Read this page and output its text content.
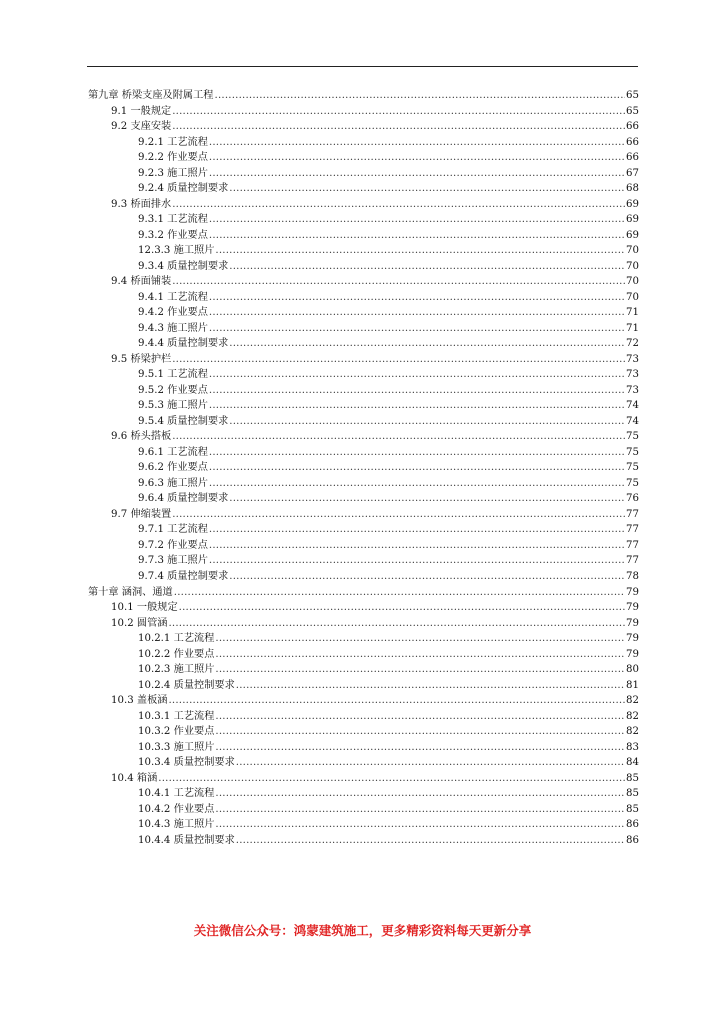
第九章 桥梁支座及附属工程 .....	65
9.1 一般规定 .....	65
9.2 支座安装 .....	66
9.2.1 工艺流程 .....	66
9.2.2 作业要点 .....	66
9.2.3 施工照片 .....	67
9.2.4 质量控制要求 .....	68
9.3 桥面排水 .....	69
9.3.1 工艺流程 .....	69
9.3.2 作业要点 .....	69
12.3.3 施工照片 .....	70
9.3.4 质量控制要求 .....	70
9.4 桥面铺装 .....	70
9.4.1 工艺流程 .....	70
9.4.2 作业要点 .....	71
9.4.3 施工照片 .....	71
9.4.4 质量控制要求 .....	72
9.5 桥梁护栏 .....	73
9.5.1 工艺流程 .....	73
9.5.2 作业要点 .....	73
9.5.3 施工照片 .....	74
9.5.4 质量控制要求 .....	74
9.6 桥头搭板 .....	75
9.6.1 工艺流程 .....	75
9.6.2 作业要点 .....	75
9.6.3 施工照片 .....	75
9.6.4 质量控制要求 .....	76
9.7 伸缩装置 .....	77
9.7.1 工艺流程 .....	77
9.7.2 作业要点 .....	77
9.7.3 施工照片 .....	77
9.7.4 质量控制要求 .....	78
第十章 涵洞、通道 .....	79
10.1 一般规定 .....	79
10.2 圆管涵 .....	79
10.2.1 工艺流程 .....	79
10.2.2 作业要点 .....	79
10.2.3 施工照片 .....	80
10.2.4 质量控制要求 .....	81
10.3 盖板涵 .....	82
10.3.1 工艺流程 .....	82
10.3.2 作业要点 .....	82
10.3.3 施工照片 .....	83
10.3.4 质量控制要求 .....	84
10.4 箱涵 .....	85
10.4.1 工艺流程 .....	85
10.4.2 作业要点 .....	85
10.4.3 施工照片 .....	86
10.4.4 质量控制要求 .....	86
关注微信公众号：鸿蒙建筑施工，更多精彩资料每天更新分享
